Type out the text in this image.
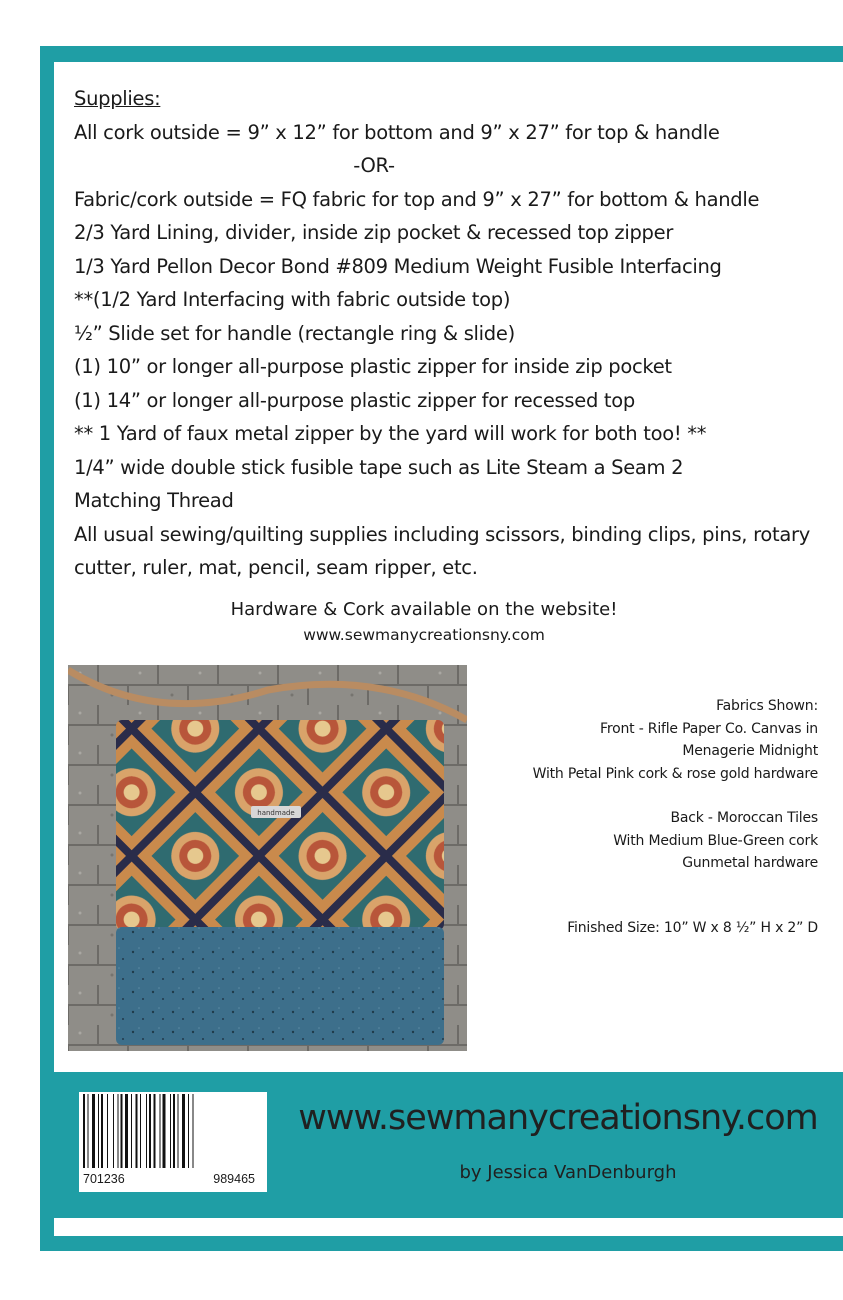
Supplies:
All cork outside = 9” x 12” for bottom and 9” x 27” for top & handle
-OR-
Fabric/cork outside = FQ fabric for top and 9” x 27” for bottom & handle
2/3 Yard Lining, divider, inside zip pocket & recessed top zipper
1/3 Yard Pellon Decor Bond #809 Medium Weight Fusible Interfacing
**(1/2 Yard Interfacing with fabric outside top)
½” Slide set for handle (rectangle ring & slide)
(1) 10” or longer all-purpose plastic zipper for inside zip pocket
(1) 14” or longer all-purpose plastic zipper for recessed top
** 1 Yard of faux metal zipper by the yard will work for both too! **
1/4” wide double stick fusible tape such as Lite Steam a Seam 2
Matching Thread
All usual sewing/quilting supplies including scissors, binding clips, pins, rotary cutter, ruler, mat, pencil, seam ripper, etc.
Hardware & Cork available on the website!
www.sewmanycreationsny.com
handmade
Fabrics Shown:
Front - Rifle Paper Co. Canvas in
Menagerie Midnight
With Petal Pink cork & rose gold hardware
Back - Moroccan Tiles
With Medium Blue-Green cork
Gunmetal hardware
Finished Size: 10” W x 8 ½” H x 2” D
701236	989465
www.sewmanycreationsny.com
by Jessica VanDenburgh
